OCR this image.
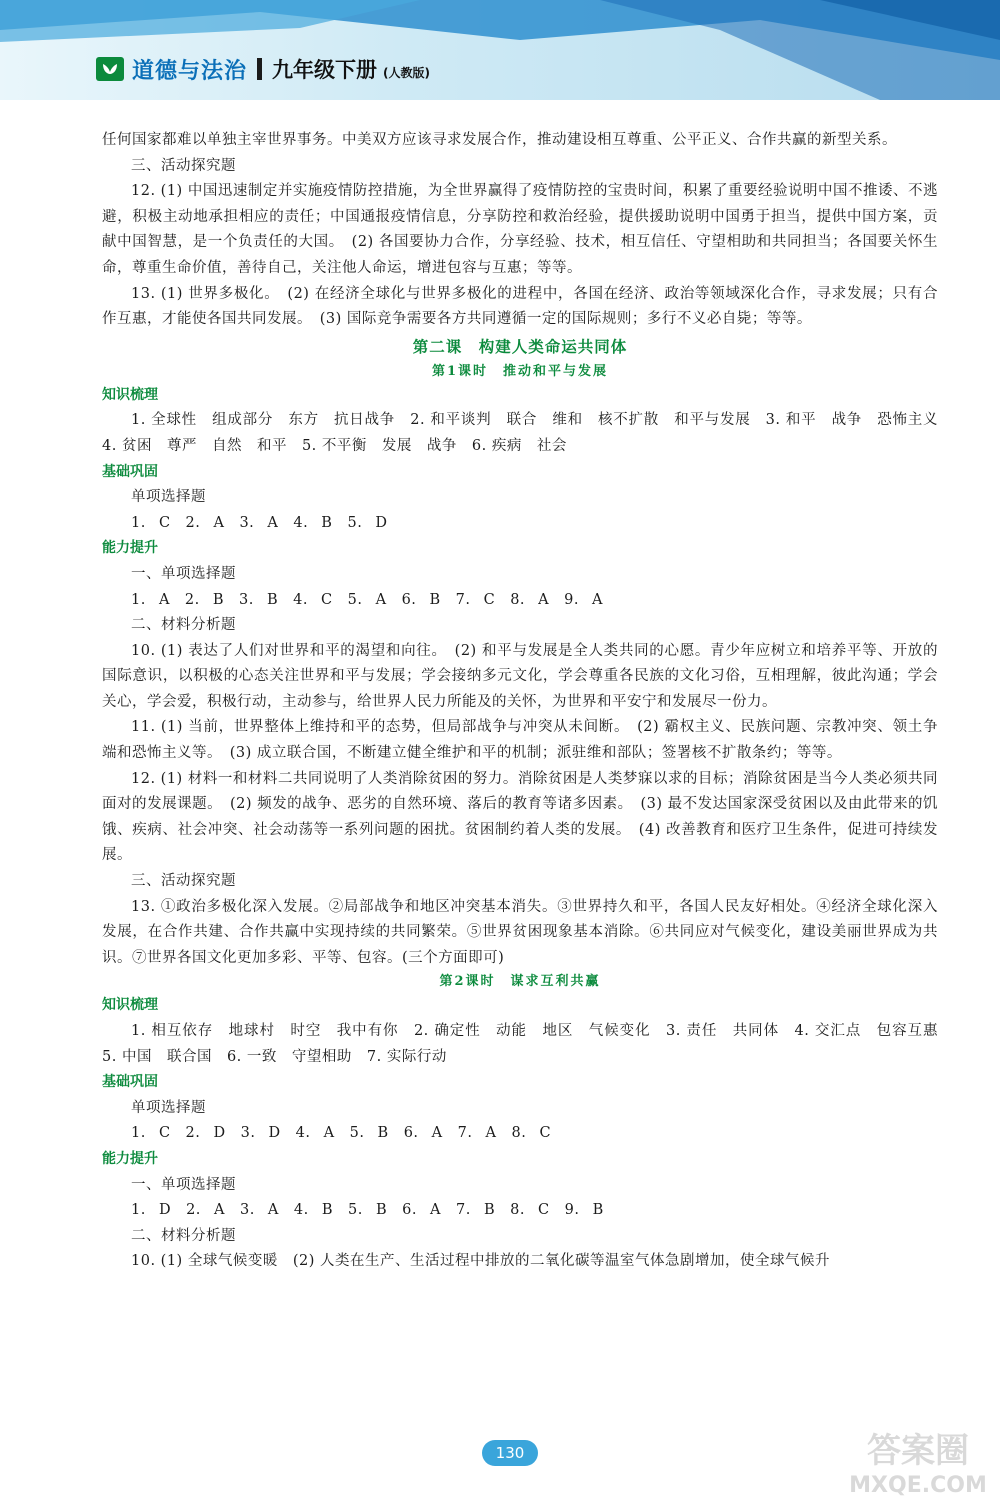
道德与法治 九年级下册 (人教版)

任何国家都难以单独主宰世界事务。中美双方应该寻求发展合作，推动建设相互尊重、公平正义、合作共赢的新型关系。

三、活动探究题

12. (1) 中国迅速制定并实施疫情防控措施，为全世界赢得了疫情防控的宝贵时间，积累了重要经验说明中国不推诿、不逃避，积极主动地承担相应的责任；中国通报疫情信息，分享防控和救治经验，提供援助说明中国勇于担当，提供中国方案，贡献中国智慧，是一个负责任的大国。　(2) 各国要协力合作，分享经验、技术，相互信任、守望相助和共同担当；各国要关怀生命，尊重生命价值，善待自己，关注他人命运，增进包容与互惠；等等。

13. (1) 世界多极化。　(2) 在经济全球化与世界多极化的进程中，各国在经济、政治等领域深化合作，寻求发展；只有合作互惠，才能使各国共同发展。　(3) 国际竞争需要各方共同遵循一定的国际规则；多行不义必自毙；等等。

第二课　构建人类命运共同体
第1课时　推动和平与发展
知识梳理

1. 全球性　组成部分　东方　抗日战争　2. 和平谈判　联合　维和　核不扩散　和平与发展　3. 和平　战争　恐怖主义　4. 贫困　尊严　自然　和平　5. 不平衡　发展　战争　6. 疾病　社会

基础巩固

单项选择题

1. C　2. A　3. A　4. B　5. D

能力提升

一、单项选择题

1. A　2. B　3. B　4. C　5. A　6. B　7. C　8. A　9. A

二、材料分析题

10. (1) 表达了人们对世界和平的渴望和向往。　(2) 和平与发展是全人类共同的心愿。青少年应树立和培养平等、开放的国际意识，以积极的心态关注世界和平与发展；学会接纳多元文化，学会尊重各民族的文化习俗，互相理解，彼此沟通；学会关心，学会爱，积极行动，主动参与，给世界人民力所能及的关怀，为世界和平安宁和发展尽一份力。

11. (1) 当前，世界整体上维持和平的态势，但局部战争与冲突从未间断。　(2) 霸权主义、民族问题、宗教冲突、领土争端和恐怖主义等。　(3) 成立联合国，不断建立健全维护和平的机制；派驻维和部队；签署核不扩散条约；等等。

12. (1) 材料一和材料二共同说明了人类消除贫困的努力。消除贫困是人类梦寐以求的目标；消除贫困是当今人类必须共同面对的发展课题。　(2) 频发的战争、恶劣的自然环境、落后的教育等诸多因素。　(3) 最不发达国家深受贫困以及由此带来的饥饿、疾病、社会冲突、社会动荡等一系列问题的困扰。贫困制约着人类的发展。　(4) 改善教育和医疗卫生条件，促进可持续发展。

三、活动探究题

13. ①政治多极化深入发展。②局部战争和地区冲突基本消失。③世界持久和平，各国人民友好相处。④经济全球化深入发展，在合作共建、合作共赢中实现持续的共同繁荣。⑤世界贫困现象基本消除。⑥共同应对气候变化，建设美丽世界成为共识。⑦世界各国文化更加多彩、平等、包容。(三个方面即可)

第2课时　谋求互利共赢
知识梳理

1. 相互依存　地球村　时空　我中有你　2. 确定性　动能　地区　气候变化　3. 责任　共同体　4. 交汇点　包容互惠　5. 中国　联合国　6. 一致　守望相助　7. 实际行动

基础巩固

单项选择题

1. C　2. D　3. D　4. A　5. B　6. A　7. A　8. C

能力提升

一、单项选择题

1. D　2. A　3. A　4. B　5. B　6. A　7. B　8. C　9. B

二、材料分析题

10. (1) 全球气候变暖　(2) 人类在生产、生活过程中排放的二氧化碳等温室气体急剧增加，使全球气候升

130	答案圈
MXQE.COM
